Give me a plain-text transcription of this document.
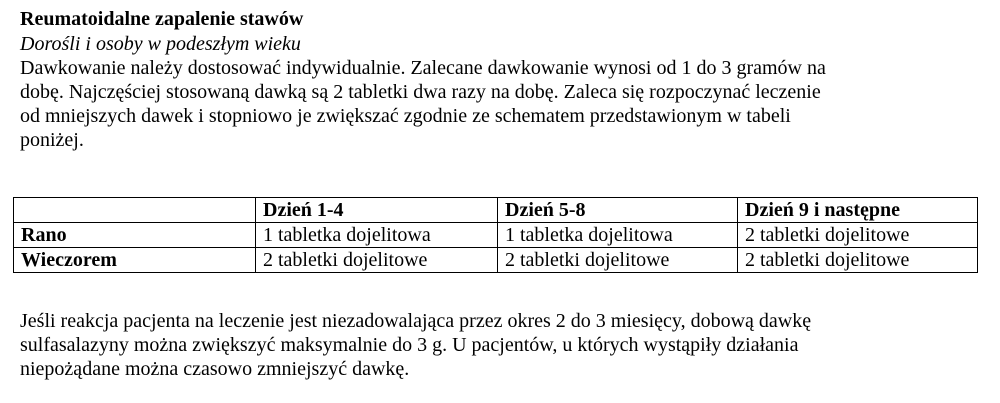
Reumatoidalne zapalenie stawów

Dorośli i osoby w podeszłym wieku

Dawkowanie należy dostosować indywidualnie. Zalecane dawkowanie wynosi od 1 do 3 gramów na
dobę. Najczęściej stosowaną dawką są 2 tabletki dwa razy na dobę. Zaleca się rozpoczynać leczenie
od mniejszych dawek i stopniowo je zwiększać zgodnie ze schematem przedstawionym w tabeli
poniżej.

	Dzień 1-4	Dzień 5-8	Dzień 9 i następne
Rano	1 tabletka dojelitowa	1 tabletka dojelitowa	2 tabletki dojelitowe
Wieczorem	2 tabletki dojelitowe	2 tabletki dojelitowe	2 tabletki dojelitowe

Jeśli reakcja pacjenta na leczenie jest niezadowalająca przez okres 2 do 3 miesięcy, dobową dawkę
sulfasalazyny można zwiększyć maksymalnie do 3 g. U pacjentów, u których wystąpiły działania
niepożądane można czasowo zmniejszyć dawkę.
